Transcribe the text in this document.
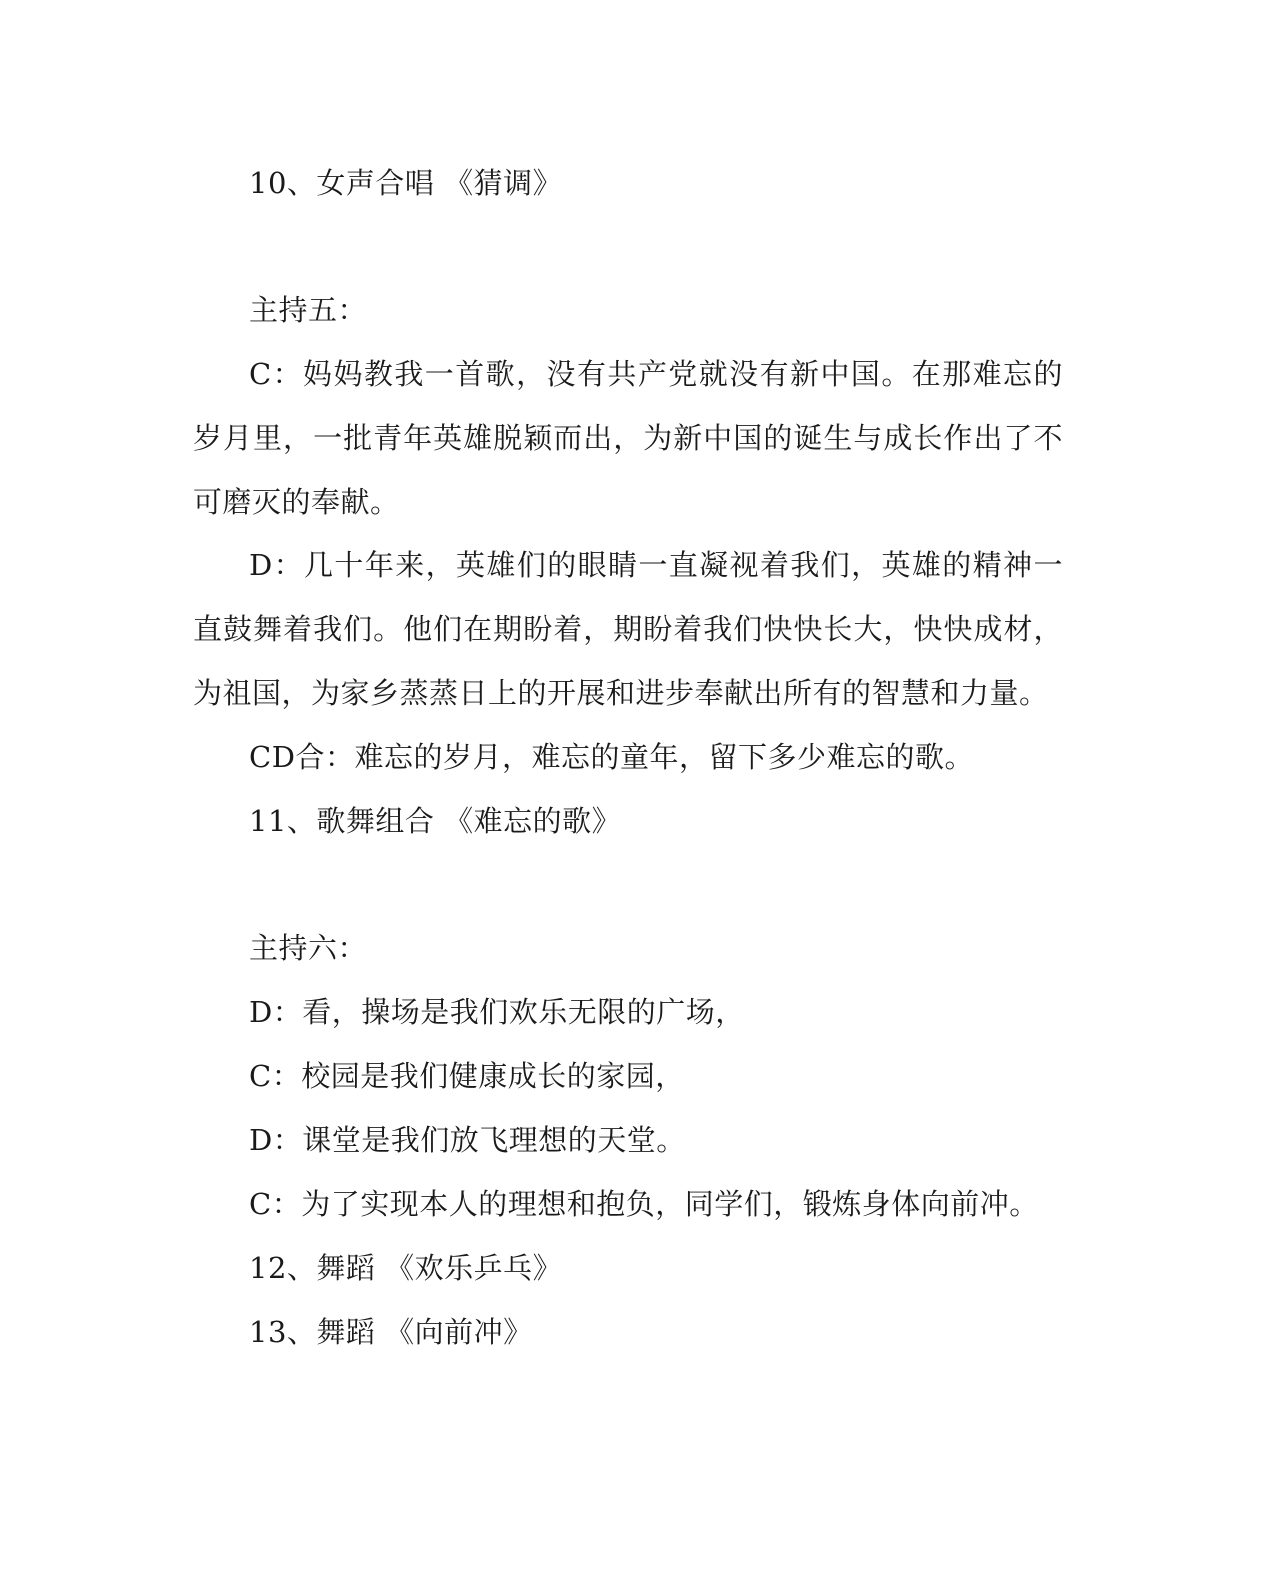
10、女声合唱 《猜调》
主持五：
C：妈妈教我一首歌，没有共产党就没有新中国。在那难忘的岁月里，一批青年英雄脱颖而出，为新中国的诞生与成长作出了不可磨灭的奉献。
D：几十年来，英雄们的眼睛一直凝视着我们，英雄的精神一直鼓舞着我们。他们在期盼着，期盼着我们快快长大，快快成材，为祖国，为家乡蒸蒸日上的开展和进步奉献出所有的智慧和力量。
CD合：难忘的岁月，难忘的童年，留下多少难忘的歌。
11、歌舞组合 《难忘的歌》
主持六：
D：看，操场是我们欢乐无限的广场，
C：校园是我们健康成长的家园，
D：课堂是我们放飞理想的天堂。
C：为了实现本人的理想和抱负，同学们，锻炼身体向前冲。
12、舞蹈 《欢乐乒乓》
13、舞蹈 《向前冲》
